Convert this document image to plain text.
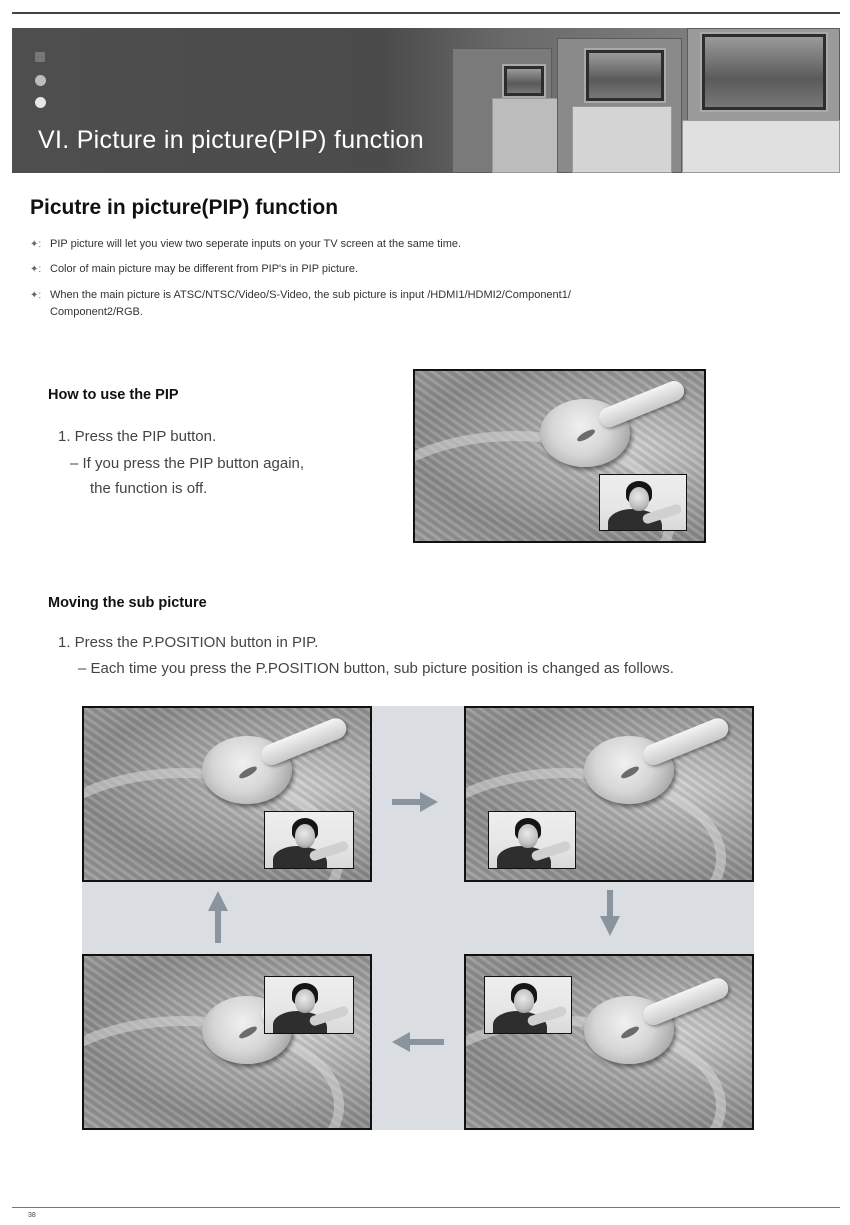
VI. Picture in picture(PIP) function
Picutre in picture(PIP) function
✦: PIP picture will let you view two seperate inputs on your TV screen at the same time.
✦: Color of main picture may be different from PIP's in PIP picture.
✦: When the main picture is ATSC/NTSC/Video/S-Video, the sub picture is input /HDMI1/HDMI2/Component1/
Component2/RGB.
How to use the PIP
1. Press the PIP button.
– If you press the PIP button again,
the function is off.
Moving the sub picture
1. Press the P.POSITION button in PIP.
– Each time you press the P.POSITION button, sub picture position is changed as follows.
38
